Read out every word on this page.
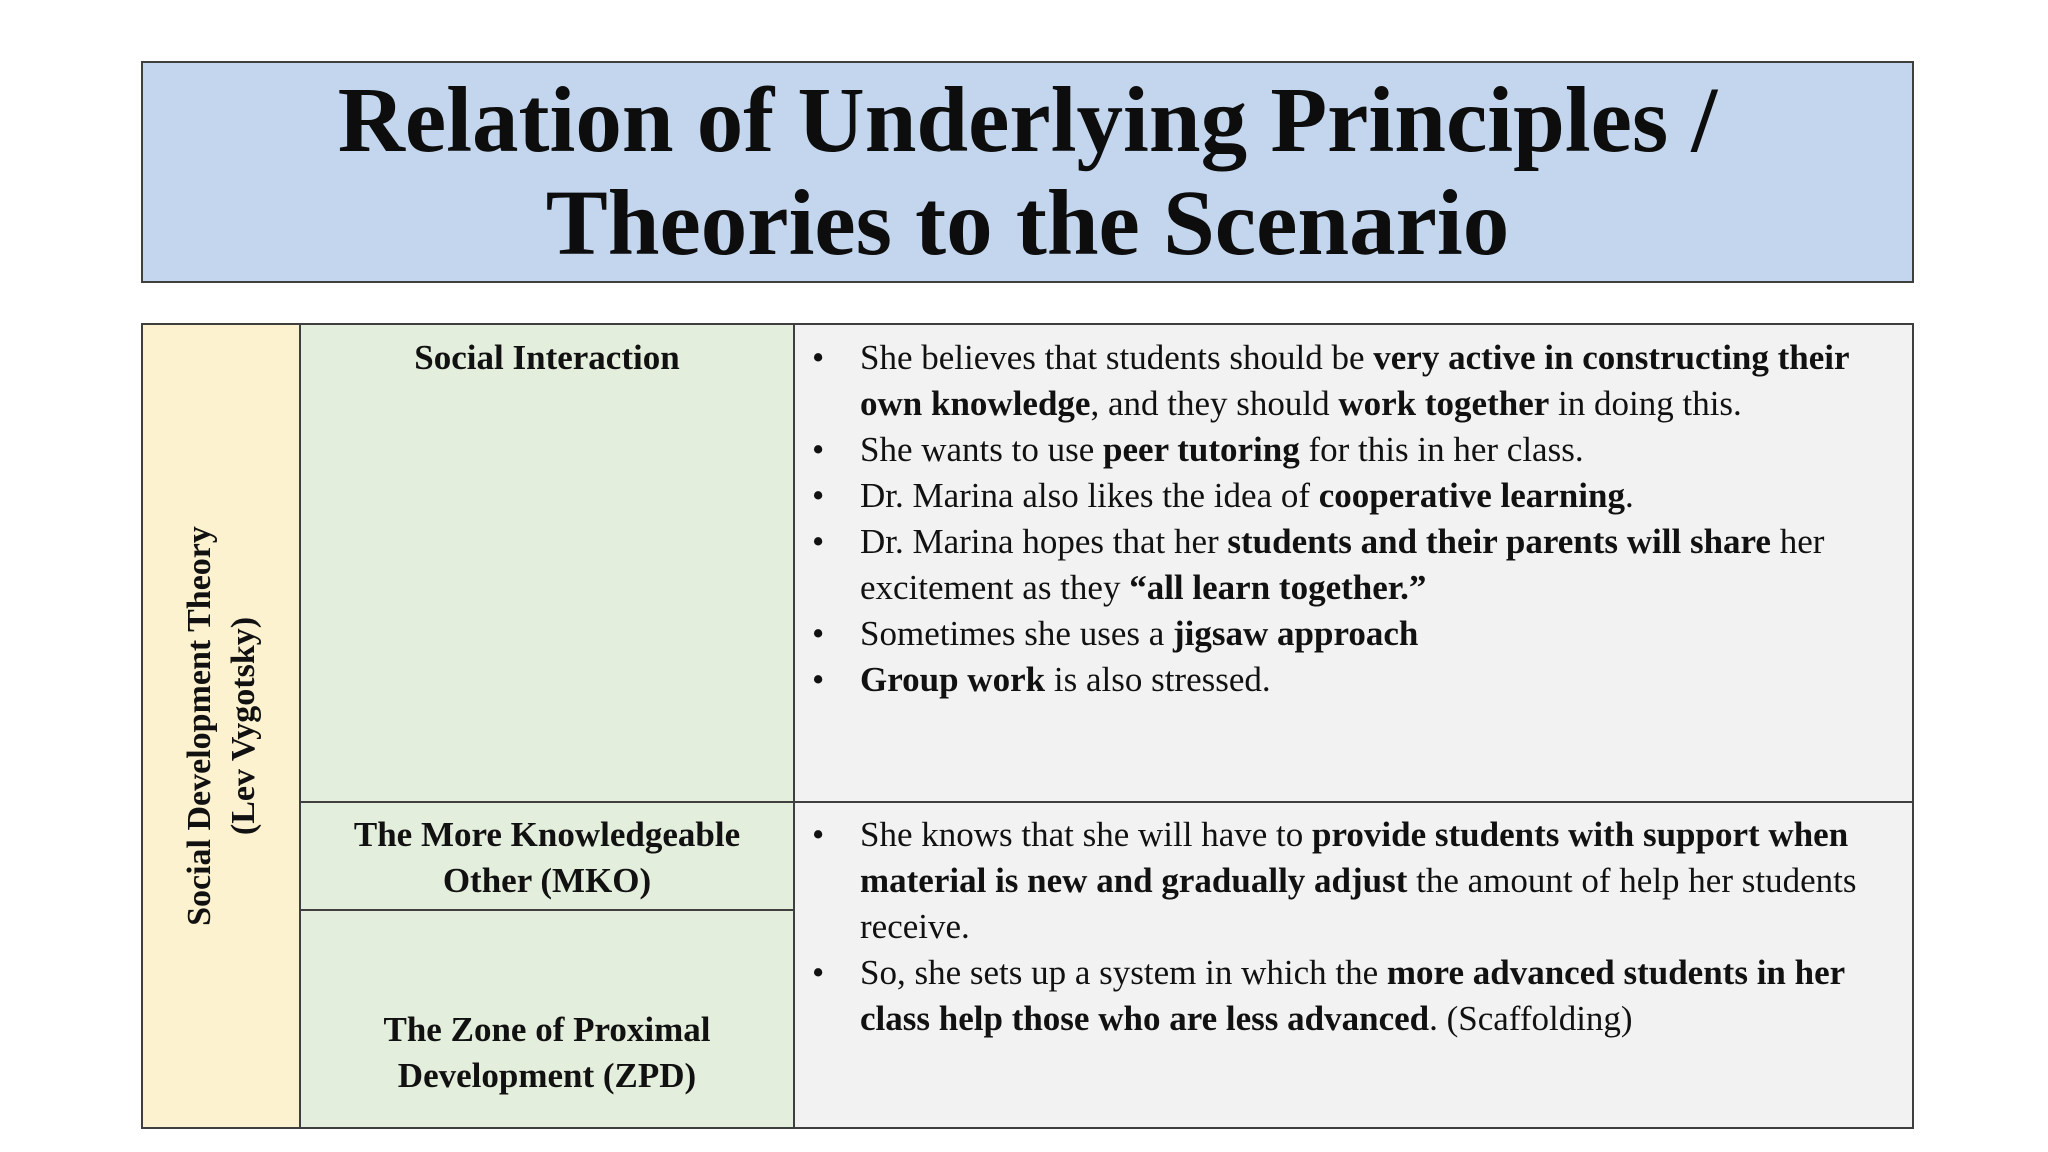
Relation of Underlying Principles /
Theories to the Scenario
Social Development Theory (Lev Vygotsky)
Social Interaction
The More Knowledgeable
Other (MKO)
The Zone of Proximal
Development (ZPD)
• She believes that students should be very active in constructing their own knowledge, and they should work together in doing this.
• She wants to use peer tutoring for this in her class.
• Dr. Marina also likes the idea of cooperative learning.
• Dr. Marina hopes that her students and their parents will share her excitement as they “all learn together.”
• Sometimes she uses a jigsaw approach
• Group work is also stressed.
• She knows that she will have to provide students with support when material is new and gradually adjust the amount of help her students receive.
• So, she sets up a system in which the more advanced students in her class help those who are less advanced. (Scaffolding)
